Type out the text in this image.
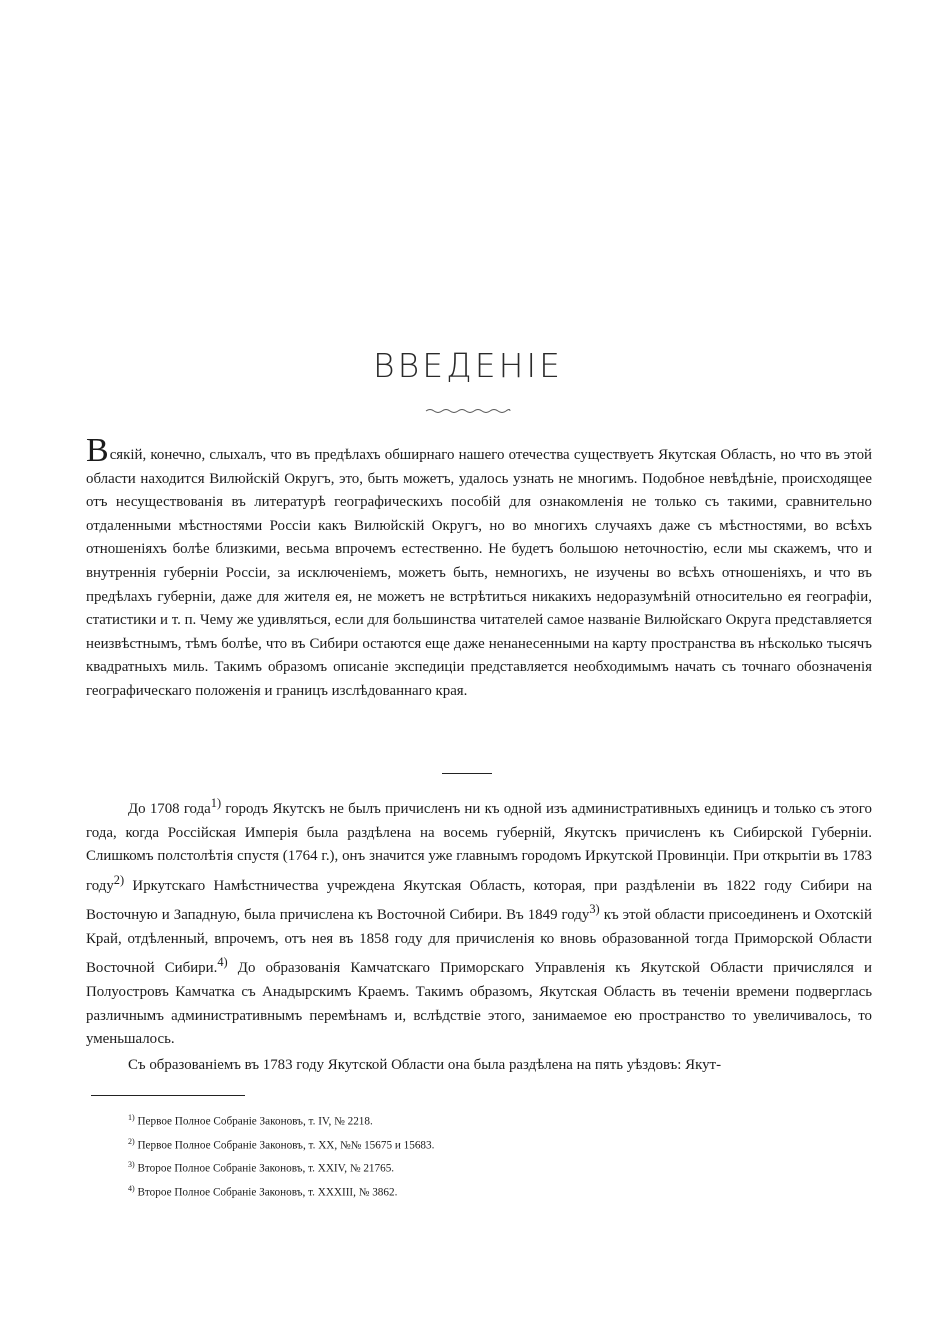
ВВЕДЕНІЕ

Всякій, конечно, слыхалъ, что въ предѣлахъ обширнаго нашего отечества существуетъ Якутская Область, но что въ этой области находится Вилюйскій Округъ, это, быть можетъ, удалось узнать не многимъ. Подобное невѣдѣніе, происходящее отъ несуществованія въ литературѣ географическихъ пособій для ознакомленія не только съ такими, сравнительно отдаленными мѣстностями Россіи какъ Вилюйскій Округъ, но во многихъ случаяхъ даже съ мѣстностями, во всѣхъ отношеніяхъ болѣе близкими, весьма впрочемъ естественно. Не будетъ большою неточностію, если мы скажемъ, что и внутреннія губерніи Россіи, за исключеніемъ, можетъ быть, немногихъ, не изучены во всѣхъ отношеніяхъ, и что въ предѣлахъ губерніи, даже для жителя ея, не можетъ не встрѣтиться никакихъ недоразумѣній относительно ея географіи, статистики и т. п. Чему же удивляться, если для большинства читателей самое названіе Вилюйскаго Округа представляется неизвѣстнымъ, тѣмъ болѣе, что въ Сибири остаются еще даже ненанесенными на карту пространства въ нѣсколько тысячъ квадратныхъ миль. Такимъ образомъ описаніе экспедиціи представляется необходимымъ начать съ точнаго обозначенія географическаго положенія и границъ изслѣдованнаго края.

До 1708 года$^{1)}$ городъ Якутскъ не былъ причисленъ ни къ одной изъ административныхъ единицъ и только съ этого года, когда Россійская Имперія была раздѣлена на восемь губерній, Якутскъ причисленъ къ Сибирской Губерніи. Слишкомъ полстолѣтія спустя (1764 г.), онъ значится уже главнымъ городомъ Иркутской Провинціи. При открытіи въ 1783 году$^{2)}$ Иркутскаго Намѣстничества учреждена Якутская Область, которая, при раздѣленіи въ 1822 году Сибири на Восточную и Западную, была причислена къ Восточной Сибири. Въ 1849 году$^{3)}$ къ этой области присоединенъ и Охотскій Край, отдѣленный, впрочемъ, отъ нея въ 1858 году для причисленія ко вновь образованной тогда Приморской Области Восточной Сибири.$^{4)}$ До образованія Камчатскаго Приморскаго Управленія къ Якутской Области причислялся и Полуостровъ Камчатка съ Анадырскимъ Краемъ. Такимъ образомъ, Якутская Область въ теченіи времени подверглась различнымъ административнымъ перемѣнамъ и, вслѣдствіе этого, занимаемое ею пространство то увеличивалось, то уменьшалось.

Съ образованіемъ въ 1783 году Якутской Области она была раздѣлена на пять уѣздовъ: Якут-

$^{1)}$ Первое Полное Собраніе Законовъ, т. IV, № 2218.
$^{2)}$ Первое Полное Собраніе Законовъ, т. XX, №№ 15675 и 15683.
$^{3)}$ Второе Полное Собраніе Законовъ, т. XXIV, № 21765.
$^{4)}$ Второе Полное Собраніе Законовъ, т. XXXIII, № 3862.
